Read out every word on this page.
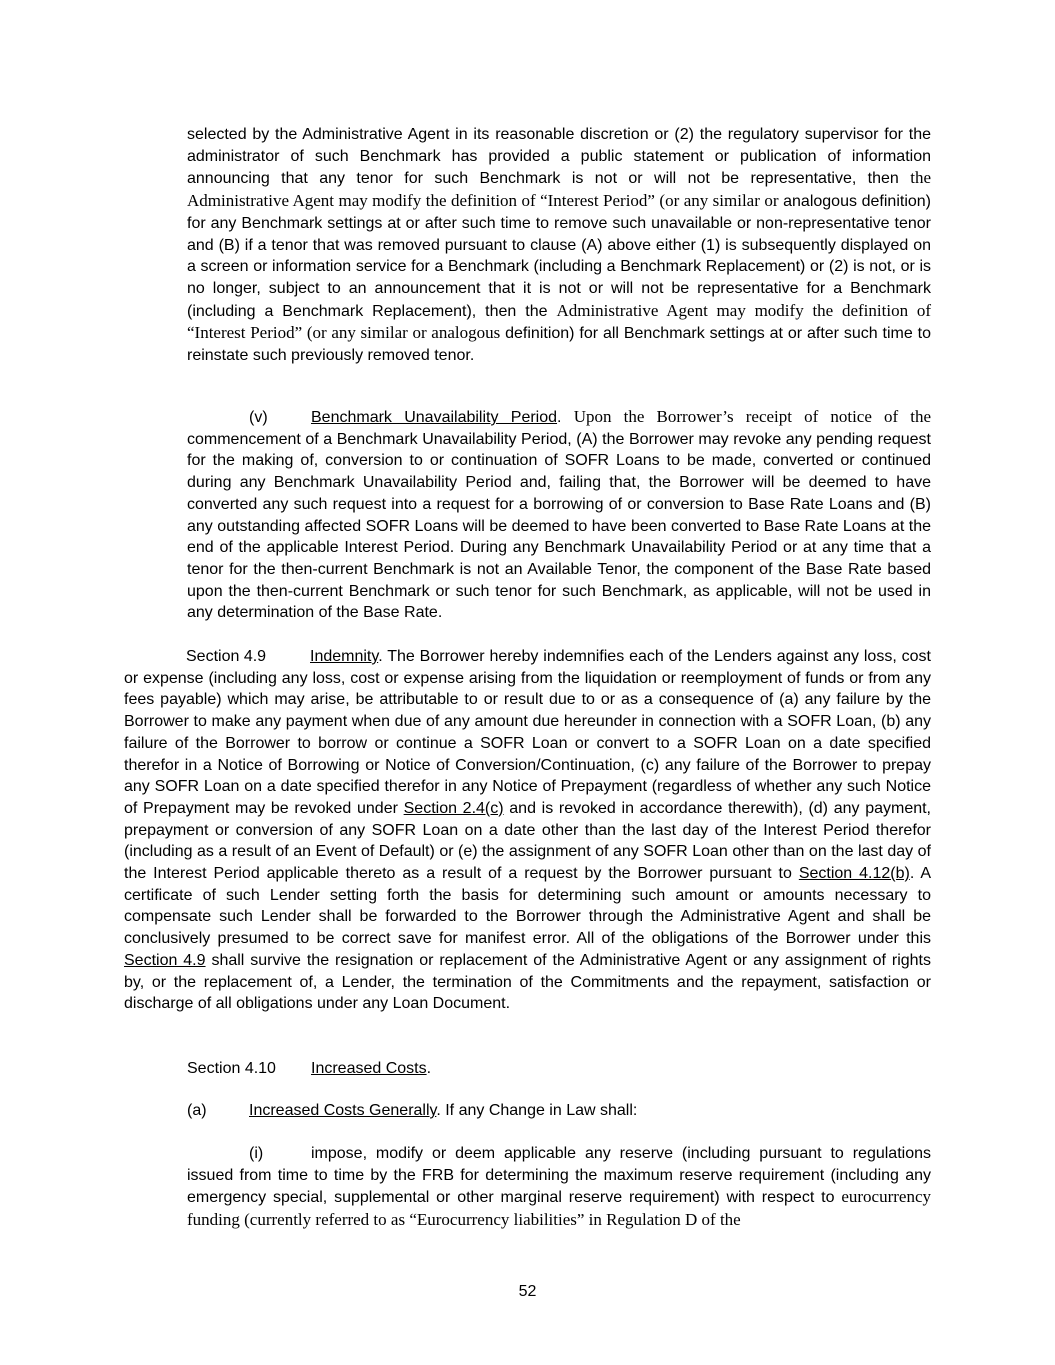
selected by the Administrative Agent in its reasonable discretion or (2) the regulatory supervisor for the administrator of such Benchmark has provided a public statement or publication of information announcing that any tenor for such Benchmark is not or will not be representative, then the Administrative Agent may modify the definition of “Interest Period” (or any similar or analogous definition) for any Benchmark settings at or after such time to remove such unavailable or non-representative tenor and (B) if a tenor that was removed pursuant to clause (A) above either (1) is subsequently displayed on a screen or information service for a Benchmark (including a Benchmark Replacement) or (2) is not, or is no longer, subject to an announcement that it is not or will not be representative for a Benchmark (including a Benchmark Replacement), then the Administrative Agent may modify the definition of “Interest Period” (or any similar or analogous definition) for all Benchmark settings at or after such time to reinstate such previously removed tenor.

(v)	Benchmark Unavailability Period. Upon the Borrower’s receipt of notice of the commencement of a Benchmark Unavailability Period, (A) the Borrower may revoke any pending request for the making of, conversion to or continuation of SOFR Loans to be made, converted or continued during any Benchmark Unavailability Period and, failing that, the Borrower will be deemed to have converted any such request into a request for a borrowing of or conversion to Base Rate Loans and (B) any outstanding affected SOFR Loans will be deemed to have been converted to Base Rate Loans at the end of the applicable Interest Period. During any Benchmark Unavailability Period or at any time that a tenor for the then-current Benchmark is not an Available Tenor, the component of the Base Rate based upon the then-current Benchmark or such tenor for such Benchmark, as applicable, will not be used in any determination of the Base Rate.

Section 4.9	Indemnity. The Borrower hereby indemnifies each of the Lenders against any loss, cost or expense (including any loss, cost or expense arising from the liquidation or reemployment of funds or from any fees payable) which may arise, be attributable to or result due to or as a consequence of (a) any failure by the Borrower to make any payment when due of any amount due hereunder in connection with a SOFR Loan, (b) any failure of the Borrower to borrow or continue a SOFR Loan or convert to a SOFR Loan on a date specified therefor in a Notice of Borrowing or Notice of Conversion/Continuation, (c) any failure of the Borrower to prepay any SOFR Loan on a date specified therefor in any Notice of Prepayment (regardless of whether any such Notice of Prepayment may be revoked under Section 2.4(c) and is revoked in accordance therewith), (d) any payment, prepayment or conversion of any SOFR Loan on a date other than the last day of the Interest Period therefor (including as a result of an Event of Default) or (e) the assignment of any SOFR Loan other than on the last day of the Interest Period applicable thereto as a result of a request by the Borrower pursuant to Section 4.12(b). A certificate of such Lender setting forth the basis for determining such amount or amounts necessary to compensate such Lender shall be forwarded to the Borrower through the Administrative Agent and shall be conclusively presumed to be correct save for manifest error. All of the obligations of the Borrower under this Section 4.9 shall survive the resignation or replacement of the Administrative Agent or any assignment of rights by, or the replacement of, a Lender, the termination of the Commitments and the repayment, satisfaction or discharge of all obligations under any Loan Document.

Section 4.10 Increased Costs.

(a)	Increased Costs Generally. If any Change in Law shall:

(i)	impose, modify or deem applicable any reserve (including pursuant to regulations issued from time to time by the FRB for determining the maximum reserve requirement (including any emergency special, supplemental or other marginal reserve requirement) with respect to eurocurrency funding (currently referred to as “Eurocurrency liabilities” in Regulation D of the

52
